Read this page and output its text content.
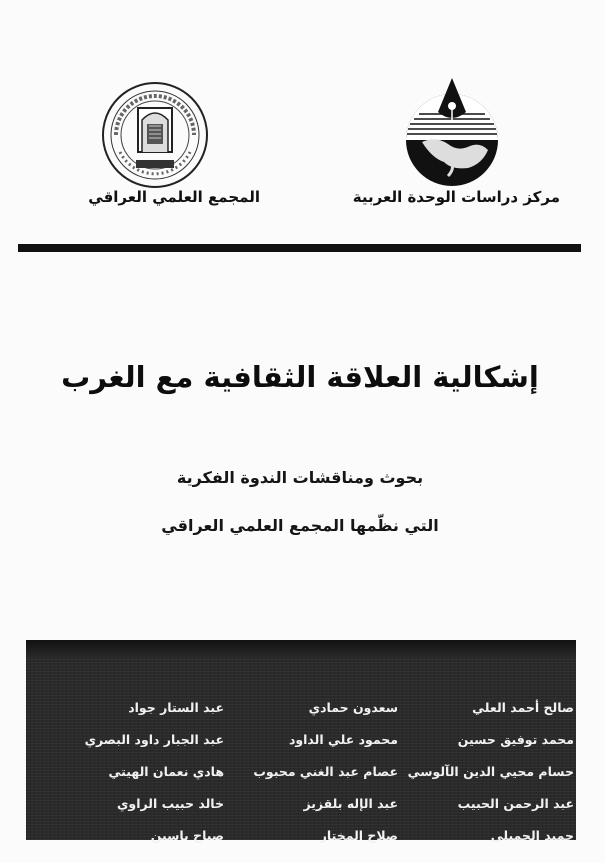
مركز دراسات الوحدة العربية
المجمع العلمي العراقي
إشكالية العلاقة الثقافية مع الغرب
بحوث ومناقشات الندوة الفكرية
التي نظّمها المجمع العلمي العراقي
صالح أحمد العلي
محمد توفيق حسين
حسام محيي الدين الآلوسي
عبد الرحمن الحبيب
حميد الجميلي
سعدون حمادي
محمود علي الداود
عصام عبد الغني محبوب
عبد الإله بلقزيز
صلاح المختار
عبد الستار جواد
عبد الجبار داود البصري
هادي نعمان الهيتي
خالد حبيب الراوي
صباح ياسين
